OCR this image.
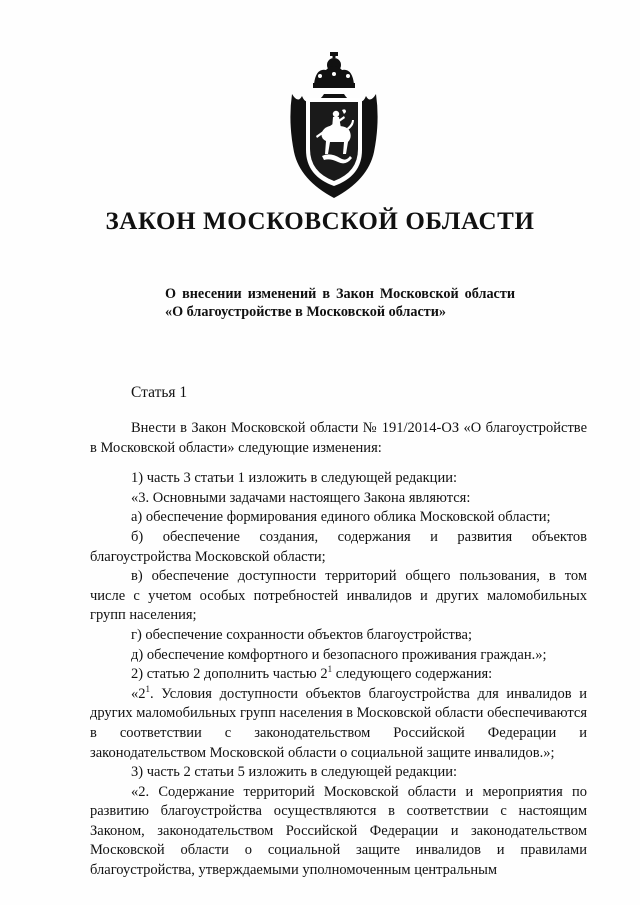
ЗАКОН МОСКОВСКОЙ ОБЛАСТИ
О внесении изменений в Закон Московской области «О благоустройстве в Московской области»
Статья 1

Внести в Закон Московской области № 191/2014-ОЗ «О благоустройстве в Московской области» следующие изменения:

1) часть 3 статьи 1 изложить в следующей редакции:

«3. Основными задачами настоящего Закона являются:

а) обеспечение формирования единого облика Московской области;

б) обеспечение создания, содержания и развития объектов благоустройства Московской области;

в) обеспечение доступности территорий общего пользования, в том числе с учетом особых потребностей инвалидов и других маломобильных групп населения;

г) обеспечение сохранности объектов благоустройства;

д) обеспечение комфортного и безопасного проживания граждан.»;

2) статью 2 дополнить частью $2^1$ следующего содержания:

«$2^1$. Условия доступности объектов благоустройства для инвалидов и других маломобильных групп населения в Московской области обеспечиваются в соответствии с законодательством Российской Федерации и законодательством Московской области о социальной защите инвалидов.»;

3) часть 2 статьи 5 изложить в следующей редакции:

«2. Содержание территорий Московской области и мероприятия по развитию благоустройства осуществляются в соответствии с настоящим Законом, законодательством Российской Федерации и законодательством Московской области о социальной защите инвалидов и правилами благоустройства, утверждаемыми уполномоченным центральным
